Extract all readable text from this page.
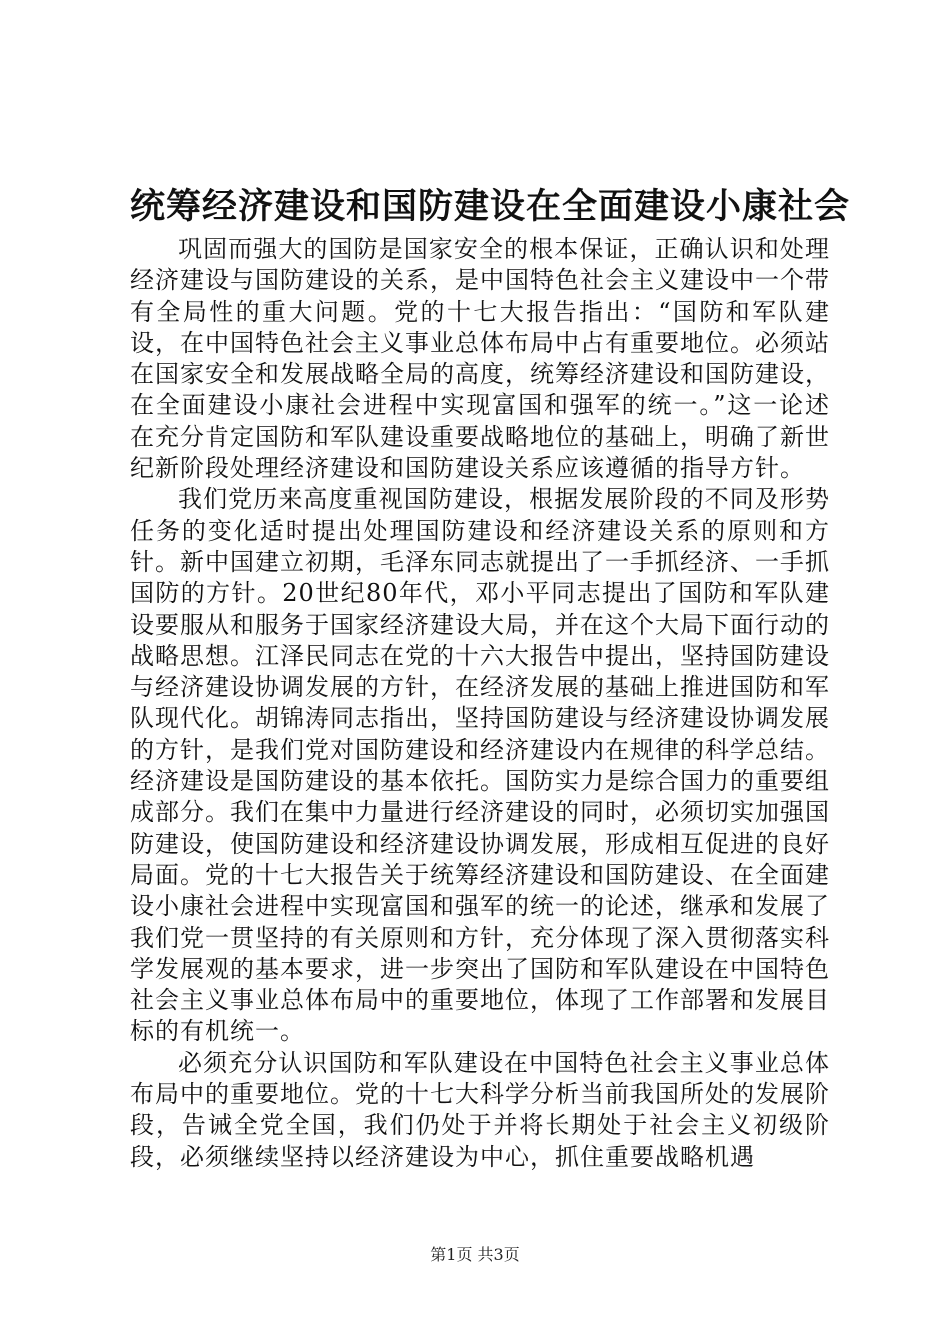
统筹经济建设和国防建设在全面建设小康社会

巩固而强大的国防是国家安全的根本保证，正确认识和处理经济建设与国防建设的关系，是中国特色社会主义建设中一个带有全局性的重大问题。党的十七大报告指出：“国防和军队建设，在中国特色社会主义事业总体布局中占有重要地位。必须站在国家安全和发展战略全局的高度，统筹经济建设和国防建设，在全面建设小康社会进程中实现富国和强军的统一。”这一论述在充分肯定国防和军队建设重要战略地位的基础上，明确了新世纪新阶段处理经济建设和国防建设关系应该遵循的指导方针。

我们党历来高度重视国防建设，根据发展阶段的不同及形势任务的变化适时提出处理国防建设和经济建设关系的原则和方针。新中国建立初期，毛泽东同志就提出了一手抓经济、一手抓国防的方针。20世纪80年代，邓小平同志提出了国防和军队建设要服从和服务于国家经济建设大局，并在这个大局下面行动的战略思想。江泽民同志在党的十六大报告中提出，坚持国防建设与经济建设协调发展的方针，在经济发展的基础上推进国防和军队现代化。胡锦涛同志指出，坚持国防建设与经济建设协调发展的方针，是我们党对国防建设和经济建设内在规律的科学总结。经济建设是国防建设的基本依托。国防实力是综合国力的重要组成部分。我们在集中力量进行经济建设的同时，必须切实加强国防建设，使国防建设和经济建设协调发展，形成相互促进的良好局面。党的十七大报告关于统筹经济建设和国防建设、在全面建设小康社会进程中实现富国和强军的统一的论述，继承和发展了我们党一贯坚持的有关原则和方针，充分体现了深入贯彻落实科学发展观的基本要求，进一步突出了国防和军队建设在中国特色社会主义事业总体布局中的重要地位，体现了工作部署和发展目标的有机统一。

必须充分认识国防和军队建设在中国特色社会主义事业总体布局中的重要地位。党的十七大科学分析当前我国所处的发展阶段，告诫全党全国，我们仍处于并将长期处于社会主义初级阶段，必须继续坚持以经济建设为中心，抓住重要战略机遇

第1页 共3页
